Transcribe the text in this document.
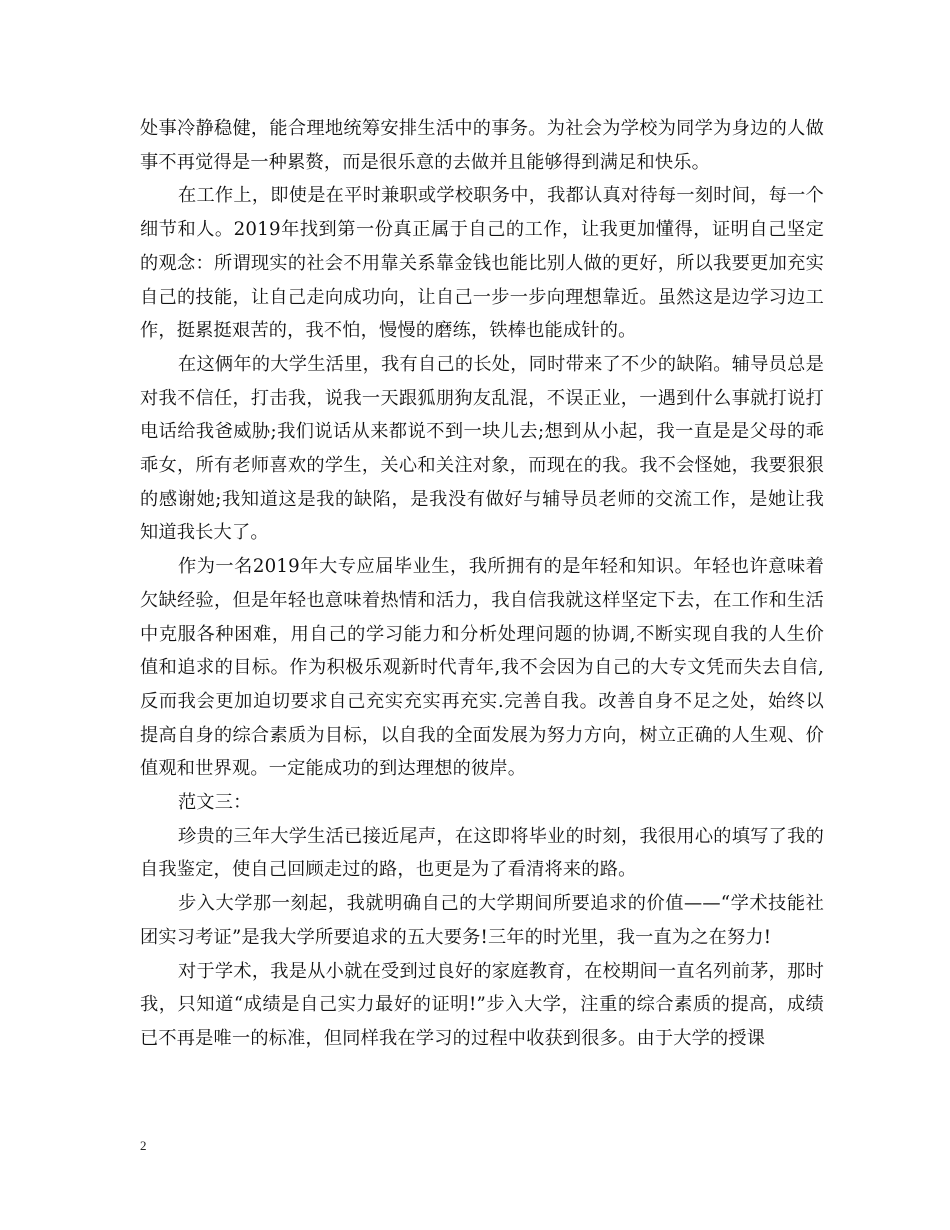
处事冷静稳健，能合理地统筹安排生活中的事务。为社会为学校为同学为身边的人做事不再觉得是一种累赘，而是很乐意的去做并且能够得到满足和快乐。

在工作上，即使是在平时兼职或学校职务中，我都认真对待每一刻时间，每一个细节和人。2019年找到第一份真正属于自己的工作，让我更加懂得，证明自己坚定的观念：所谓现实的社会不用靠关系靠金钱也能比别人做的更好，所以我要更加充实自己的技能，让自己走向成功向，让自己一步一步向理想靠近。虽然这是边学习边工作，挺累挺艰苦的，我不怕，慢慢的磨练，铁棒也能成针的。

在这俩年的大学生活里，我有自己的长处，同时带来了不少的缺陷。辅导员总是对我不信任，打击我，说我一天跟狐朋狗友乱混，不误正业，一遇到什么事就打说打电话给我爸威胁;我们说话从来都说不到一块儿去;想到从小起，我一直是是父母的乖乖女，所有老师喜欢的学生，关心和关注对象，而现在的我。我不会怪她，我要狠狠的感谢她;我知道这是我的缺陷，是我没有做好与辅导员老师的交流工作，是她让我知道我长大了。

作为一名2019年大专应届毕业生，我所拥有的是年轻和知识。年轻也许意味着欠缺经验，但是年轻也意味着热情和活力，我自信我就这样坚定下去，在工作和生活中克服各种困难，用自己的学习能力和分析处理问题的协调,不断实现自我的人生价值和追求的目标。作为积极乐观新时代青年,我不会因为自己的大专文凭而失去自信,反而我会更加迫切要求自己充实充实再充实.完善自我。改善自身不足之处，始终以提高自身的综合素质为目标，以自我的全面发展为努力方向，树立正确的人生观、价值观和世界观。一定能成功的到达理想的彼岸。

范文三：

珍贵的三年大学生活已接近尾声，在这即将毕业的时刻，我很用心的填写了我的自我鉴定，使自己回顾走过的路，也更是为了看清将来的路。

步入大学那一刻起，我就明确自己的大学期间所要追求的价值——“学术技能社团实习考证”是我大学所要追求的五大要务!三年的时光里，我一直为之在努力!

对于学术，我是从小就在受到过良好的家庭教育，在校期间一直名列前茅，那时我，只知道“成绩是自己实力最好的证明!”步入大学，注重的综合素质的提高，成绩已不再是唯一的标准，但同样我在学习的过程中收获到很多。由于大学的授课

2
